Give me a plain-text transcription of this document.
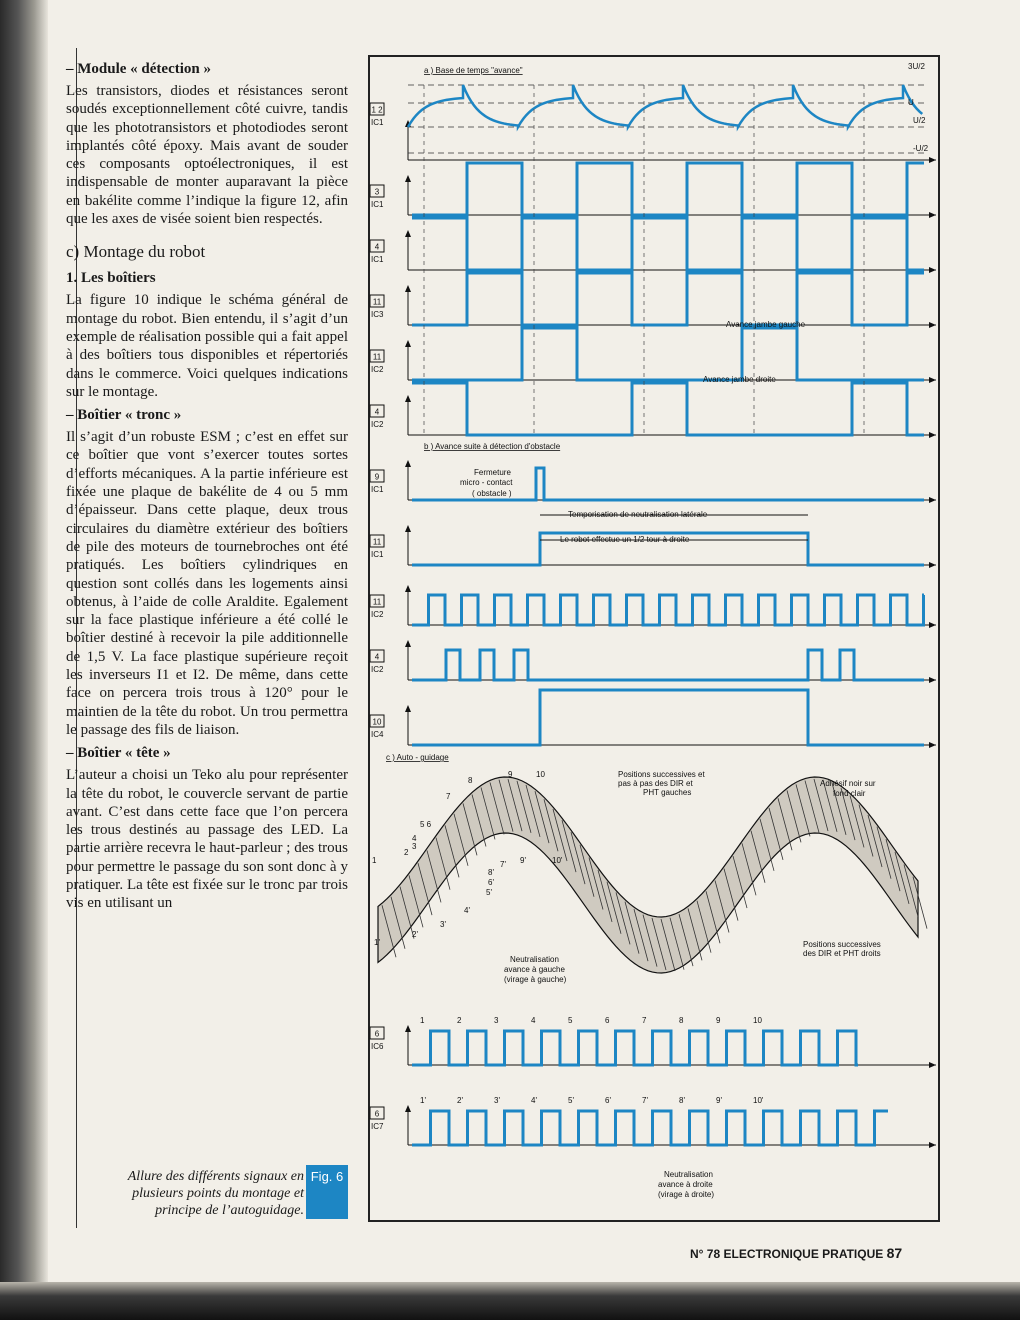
– Module « détection »

Les transistors, diodes et résistances seront soudés exceptionnellement côté cuivre, tandis que les phototransistors et photodiodes seront implantés côté époxy. Mais avant de souder ces composants optoélectroniques, il est indispensable de monter auparavant la pièce en bakélite comme l’indique la figure 12, afin que les axes de visée soient bien respectés.

c) Montage du robot
1. Les boîtiers

La figure 10 indique le schéma général de montage du robot. Bien entendu, il s’agit d’un exemple de réalisation possible qui a fait appel à des boîtiers tous disponibles et répertoriés dans le commerce. Voici quelques indications sur le montage.

– Boîtier « tronc »

Il s’agit d’un robuste ESM ; c’est en effet sur ce boîtier que vont s’exercer toutes sortes d’efforts mécaniques. A la partie inférieure est fixée une plaque de bakélite de 4 ou 5 mm d’épaisseur. Dans cette plaque, deux trous circulaires du diamètre extérieur des boîtiers de pile des moteurs de tournebroches ont été pratiqués. Les boîtiers cylindriques en question sont collés dans les logements ainsi obtenus, à l’aide de colle Araldite. Egalement sur la face plastique inférieure a été collé le boîtier destiné à recevoir la pile additionnelle de 1,5 V. La face plastique supérieure reçoit les inverseurs I1 et I2. De même, dans cette face on percera trois trous à 120° pour le maintien de la tête du robot. Un trou permettra le passage des fils de liaison.

– Boîtier « tête »

L’auteur a choisi un Teko alu pour représenter la tête du robot, le couvercle servant de partie avant. C’est dans cette face que l’on percera les trous destinés au passage des LED. La partie arrière recevra le haut-parleur ; des trous pour permettre le passage du son sont donc à y pratiquer. La tête est fixée sur le tronc par trois vis en utilisant un

Allure des différents signaux en plusieurs points du montage et principe de l’autoguidage.
Fig. 6
a ) Base de temps "avance"	3U/2
U
U/2
-U/2
1 2
IC1
3
IC1
4
IC1
11
IC3
11
IC2
4
IC2
Avance jambe gauche
Avance jambe droite
b ) Avance suite à détection d'obstacle
9
IC1
11
IC1
11
IC2
4
IC2
10
IC4
Fermeture
micro - contact
( obstacle )
Temporisation de neutralisation latérale
Le robot effectue un 1/2 tour à droite
c ) Auto - guidage
Positions successives et
pas à pas des DIR et
PHT gauches
Adhésif noir sur
fond clair
Positions successives
des DIR et PHT droits
8
9	10
7
5 6
4
3
2
1	7'
8'
9'	10'
6'
5'
4'
3'
2'
1'
Neutralisation
avance à gauche
(virage à gauche)
6
IC6
6
IC7
1	2	3	4	5	6	7	8	9	10
1'	2'	3'	4'	5'	6'	7'	8'	9'	10'
Neutralisation
avance à droite
(virage à droite)
N° 78 ELECTRONIQUE PRATIQUE 87
